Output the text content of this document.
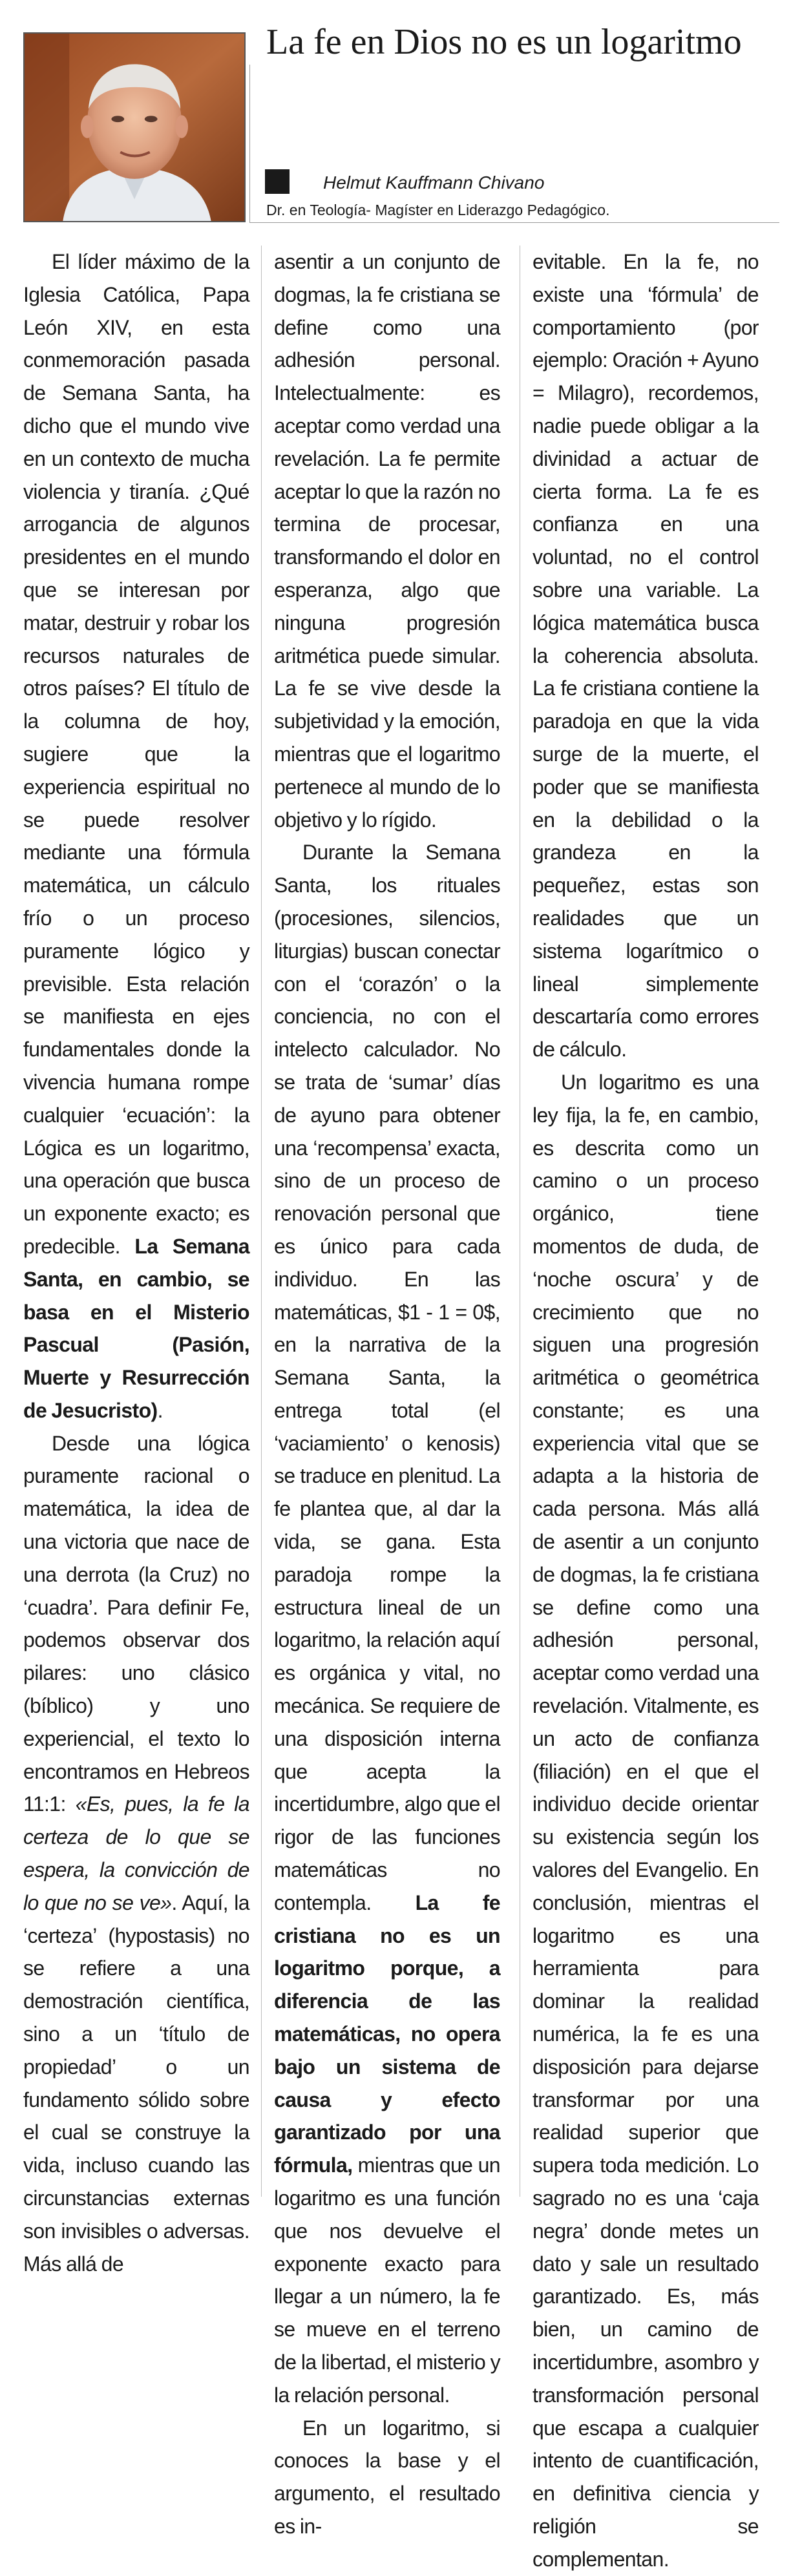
La fe en Dios no es un logaritmo
Helmut Kauffmann Chivano
Dr. en Teología- Magíster en Liderazgo Pedagógico.

El líder máximo de la Iglesia Católica, Papa León XIV, en esta conmemoración pasada de Semana Santa, ha dicho que el mundo vive en un contexto de mucha violencia y tiranía. ¿Qué arrogancia de algunos presidentes en el mundo que se interesan por matar, destruir y robar los recursos naturales de otros países? El título de la columna de hoy, sugiere que la experiencia espiritual no se puede resolver mediante una fórmula matemática, un cálculo frío o un proceso puramente lógico y previsible. Esta relación se manifiesta en ejes fundamentales donde la vivencia humana rompe cualquier ‘ecuación’: la Lógica es un logaritmo, una operación que busca un exponente exacto; es predecible. La Semana Santa, en cambio, se basa en el Misterio Pascual (Pasión, Muerte y Resurrección de Jesucristo).

Desde una lógica puramente racional o matemática, la idea de una victoria que nace de una derrota (la Cruz) no ‘cuadra’. Para definir Fe, podemos observar dos pilares: uno clásico (bíblico) y uno experiencial, el texto lo encontramos en Hebreos 11:1: «Es, pues, la fe la certeza de lo que se espera, la convicción de lo que no se ve». Aquí, la ‘certeza’ (hypostasis) no se refiere a una demostración científica, sino a un ‘título de propiedad’ o un fundamento sólido sobre el cual se construye la vida, incluso cuando las circunstancias externas son invisibles o adversas. Más allá de

asentir a un conjunto de dogmas, la fe cristiana se define como una adhesión personal. Intelectualmente: es aceptar como verdad una revelación. La fe permite aceptar lo que la razón no termina de procesar, transformando el dolor en esperanza, algo que ninguna progresión aritmética puede simular. La fe se vive desde la subjetividad y la emoción, mientras que el logaritmo pertenece al mundo de lo objetivo y lo rígido.

Durante la Semana Santa, los rituales (procesiones, silencios, liturgias) buscan conectar con el ‘corazón’ o la conciencia, no con el intelecto calculador. No se trata de ‘sumar’ días de ayuno para obtener una ‘recompensa’ exacta, sino de un proceso de renovación personal que es único para cada individuo. En las matemáticas, $1 - 1 = 0$, en la narrativa de la Semana Santa, la entrega total (el ‘vaciamiento’ o kenosis) se traduce en plenitud. La fe plantea que, al dar la vida, se gana. Esta paradoja rompe la estructura lineal de un logaritmo, la relación aquí es orgánica y vital, no mecánica. Se requiere de una disposición interna que acepta la incertidumbre, algo que el rigor de las funciones matemáticas no contempla. La fe cristiana no es un logaritmo porque, a diferencia de las matemáticas, no opera bajo un sistema de causa y efecto garantizado por una fórmula, mientras que un logaritmo es una función que nos devuelve el exponente exacto para llegar a un número, la fe se mueve en el terreno de la libertad, el misterio y la relación personal.

En un logaritmo, si conoces la base y el argumento, el resultado es in-

evitable. En la fe, no existe una ‘fórmula’ de comportamiento (por ejemplo: Oración + Ayuno = Milagro), recordemos, nadie puede obligar a la divinidad a actuar de cierta forma. La fe es confianza en una voluntad, no el control sobre una variable. La lógica matemática busca la coherencia absoluta. La fe cristiana contiene la paradoja en que la vida surge de la muerte, el poder que se manifiesta en la debilidad o la grandeza en la pequeñez, estas son realidades que un sistema logarítmico o lineal simplemente descartaría como errores de cálculo.

Un logaritmo es una ley fija, la fe, en cambio, es descrita como un camino o un proceso orgánico, tiene momentos de duda, de ‘noche oscura’ y de crecimiento que no siguen una progresión aritmética o geométrica constante; es una experiencia vital que se adapta a la historia de cada persona. Más allá de asentir a un conjunto de dogmas, la fe cristiana se define como una adhesión personal, aceptar como verdad una revelación. Vitalmente, es un acto de confianza (filiación) en el que el individuo decide orientar su existencia según los valores del Evangelio. En conclusión, mientras el logaritmo es una herramienta para dominar la realidad numérica, la fe es una disposición para dejarse transformar por una realidad superior que supera toda medición. Lo sagrado no es una ‘caja negra’ donde metes un dato y sale un resultado garantizado. Es, más bien, un camino de incertidumbre, asombro y transformación personal que escapa a cualquier intento de cuantificación, en definitiva ciencia y religión se complementan.
